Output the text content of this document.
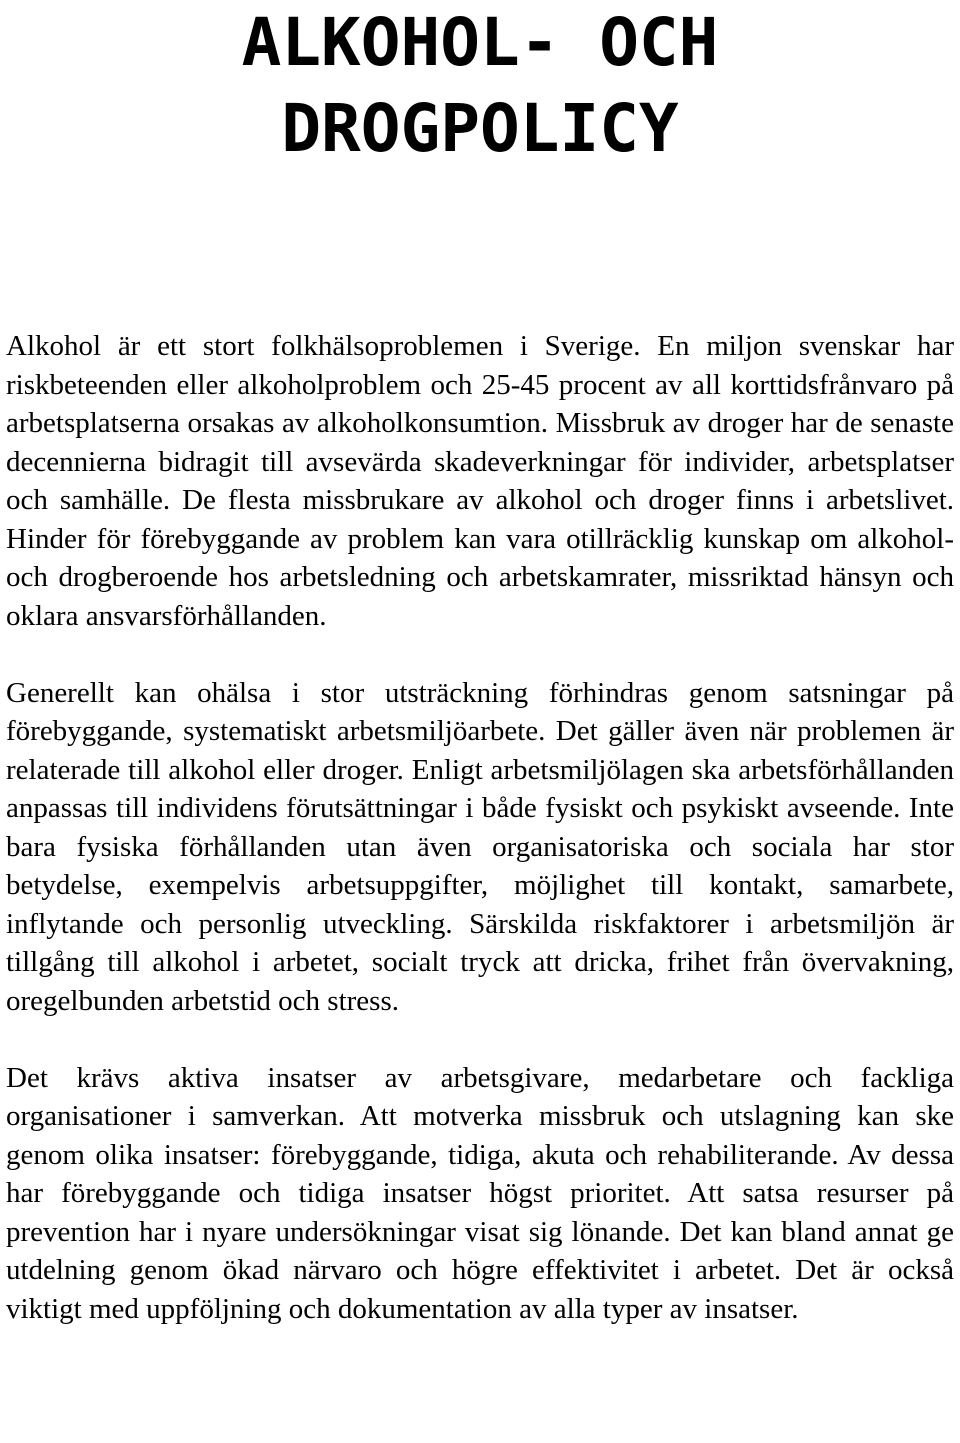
ALKOHOL- OCH
DROGPOLICY

Alkohol är ett stort folkhälsoproblemen i Sverige. En miljon svenskar har riskbeteenden eller alkoholproblem och 25-45 procent av all korttidsfrånvaro på arbetsplatserna orsakas av alkoholkonsumtion. Missbruk av droger har de senaste decennierna bidragit till avsevärda skadeverkningar för individer, arbetsplatser och samhälle. De flesta missbrukare av alkohol och droger finns i arbetslivet. Hinder för förebyggande av problem kan vara otillräcklig kunskap om alkohol- och drogberoende hos arbetsledning och arbetskamrater, missriktad hänsyn och oklara ansvarsförhållanden.

Generellt kan ohälsa i stor utsträckning förhindras genom satsningar på förebyggande, systematiskt arbetsmiljöarbete. Det gäller även när problemen är relaterade till alkohol eller droger. Enligt arbetsmiljölagen ska arbetsförhållanden anpassas till individens förutsättningar i både fysiskt och psykiskt avseende. Inte bara fysiska förhållanden utan även organisatoriska och sociala har stor betydelse, exempelvis arbetsuppgifter, möjlighet till kontakt, samarbete, inflytande och personlig utveckling. Särskilda riskfaktorer i arbetsmiljön är tillgång till alkohol i arbetet, socialt tryck att dricka, frihet från övervakning, oregelbunden arbetstid och stress.

Det krävs aktiva insatser av arbetsgivare, medarbetare och fackliga organisationer i samverkan. Att motverka missbruk och utslagning kan ske genom olika insatser: förebyggande, tidiga, akuta och rehabiliterande. Av dessa har förebyggande och tidiga insatser högst prioritet. Att satsa resurser på prevention har i nyare undersökningar visat sig lönande. Det kan bland annat ge utdelning genom ökad närvaro och högre effektivitet i arbetet. Det är också viktigt med uppföljning och dokumentation av alla typer av insatser.
